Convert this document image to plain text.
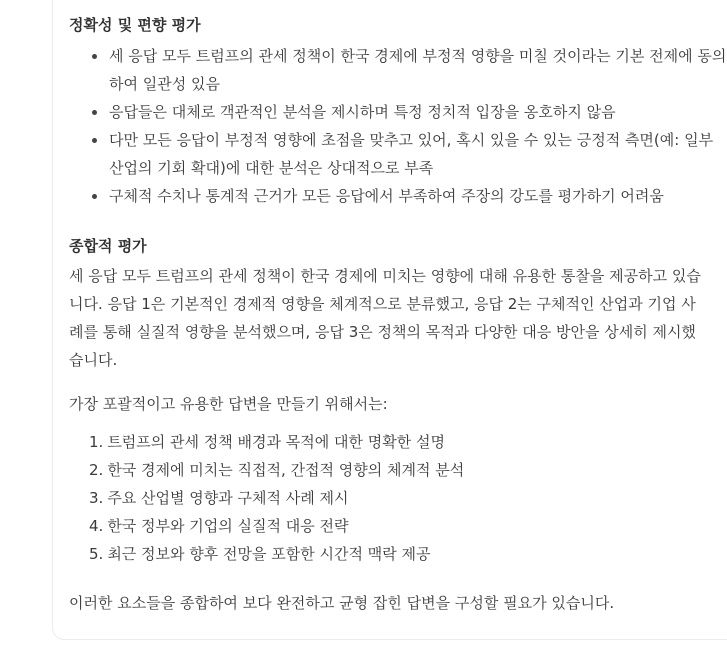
정확성 및 편향 평가
세 응답 모두 트럼프의 관세 정책이 한국 경제에 부정적 영향을 미칠 것이라는 기본 전제에 동의하여 일관성 있음
응답들은 대체로 객관적인 분석을 제시하며 특정 정치적 입장을 옹호하지 않음
다만 모든 응답이 부정적 영향에 초점을 맞추고 있어, 혹시 있을 수 있는 긍정적 측면(예: 일부 산업의 기회 확대)에 대한 분석은 상대적으로 부족
구체적 수치나 통계적 근거가 모든 응답에서 부족하여 주장의 강도를 평가하기 어려움
종합적 평가

세 응답 모두 트럼프의 관세 정책이 한국 경제에 미치는 영향에 대해 유용한 통찰을 제공하고 있습니다. 응답 1은 기본적인 경제적 영향을 체계적으로 분류했고, 응답 2는 구체적인 산업과 기업 사례를 통해 실질적 영향을 분석했으며, 응답 3은 정책의 목적과 다양한 대응 방안을 상세히 제시했습니다.

가장 포괄적이고 유용한 답변을 만들기 위해서는:

1. 트럼프의 관세 정책 배경과 목적에 대한 명확한 설명
2. 한국 경제에 미치는 직접적, 간접적 영향의 체계적 분석
3. 주요 산업별 영향과 구체적 사례 제시
4. 한국 정부와 기업의 실질적 대응 전략
5. 최근 정보와 향후 전망을 포함한 시간적 맥락 제공

이러한 요소들을 종합하여 보다 완전하고 균형 잡힌 답변을 구성할 필요가 있습니다.
